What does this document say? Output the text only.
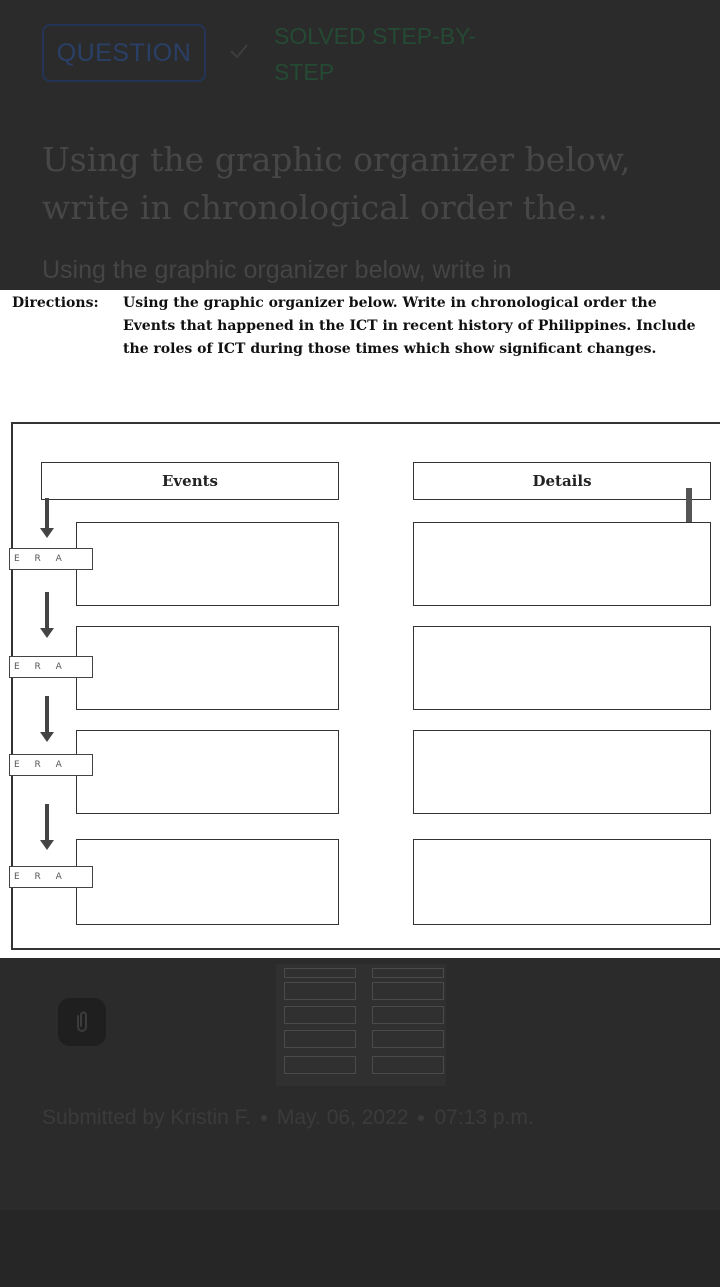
QUESTION
SOLVED STEP-BY-STEP
Using the graphic organizer below, write in chronological order the...
Using the graphic organizer below, write in
Directions: Using the graphic organizer below. Write in chronological order the Events that happened in the ICT in recent history of Philippines. Include the roles of ICT during those times which show significant changes.
Events	Details
E R A
E R A
E R A
E R A
Submitted by Kristin F. May. 06, 2022 07:13 p.m.
